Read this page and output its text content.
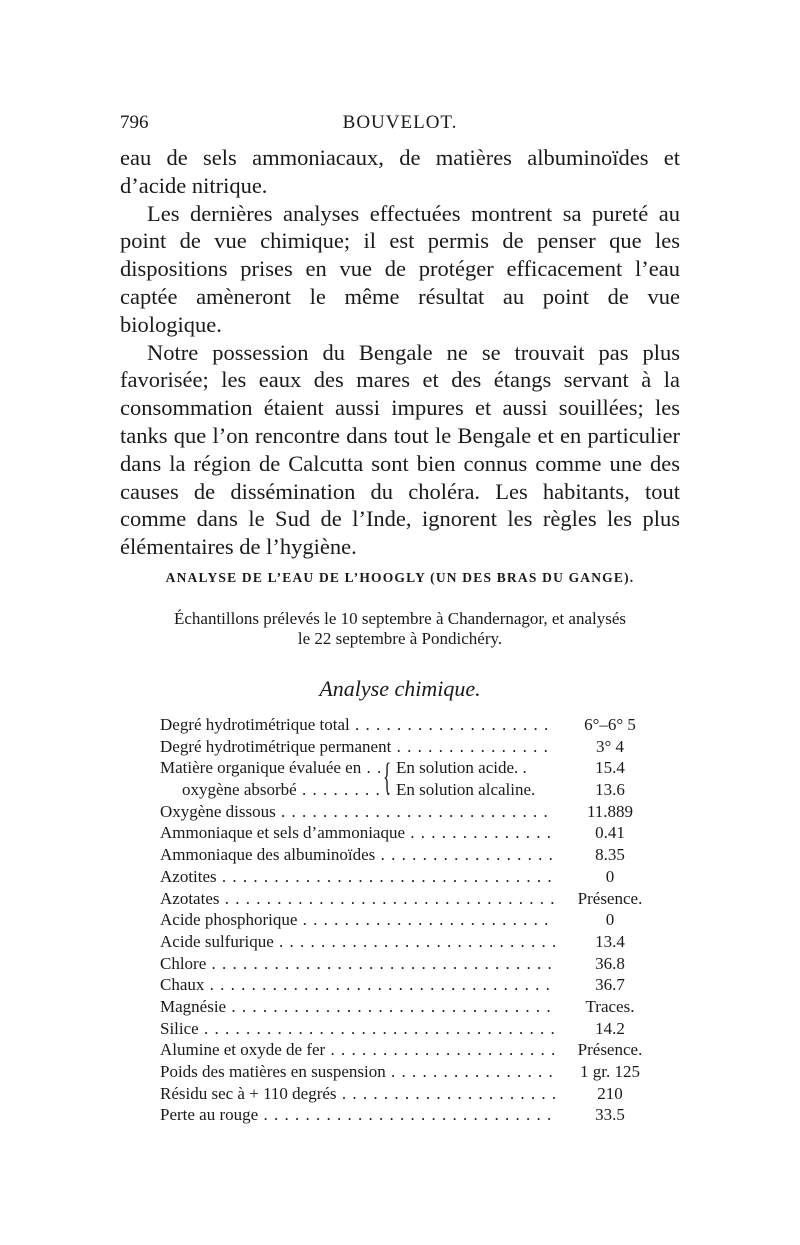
796	BOUVELOT.

eau de sels ammoniacaux, de matières albuminoïdes et d’acide nitrique.

Les dernières analyses effectuées montrent sa pureté au point de vue chimique; il est permis de penser que les dispositions prises en vue de protéger efficacement l’eau captée amèneront le même résultat au point de vue biologique.

Notre possession du Bengale ne se trouvait pas plus favorisée; les eaux des mares et des étangs servant à la consommation étaient aussi impures et aussi souillées; les tanks que l’on rencontre dans tout le Bengale et en particulier dans la région de Calcutta sont bien connus comme une des causes de dissémination du choléra. Les habitants, tout comme dans le Sud de l’Inde, ignorent les règles les plus élémentaires de l’hygiène.

ANALYSE DE L’EAU DE L’HOOGLY (UN DES BRAS DU GANGE).
Échantillons prélevés le 10 septembre à Chandernagor, et analysés
le 22 septembre à Pondichéry.
Analyse chimique.
Degré hydrotimétrique total . . .	6°–6° 5
Degré hydrotimétrique permanent . . .	3° 4
Matière organique évaluée en . . . { En solution acide. .	15.4
oxygène absorbé . . .	En solution alcaline.	13.6
Oxygène dissous . . .	11.889
Ammoniaque et sels d’ammoniaque . . .	0.41
Ammoniaque des albuminoïdes . . .	8.35
Azotites . . .	0
Azotates . . .	Présence.
Acide phosphorique . . .	0
Acide sulfurique . . .	13.4
Chlore . . .	36.8
Chaux . . .	36.7
Magnésie . . .	Traces.
Silice . . .	14.2
Alumine et oxyde de fer . . .	Présence.
Poids des matières en suspension . . .	1 gr. 125
Résidu sec à + 110 degrés . . .	210
Perte au rouge . . .	33.5
